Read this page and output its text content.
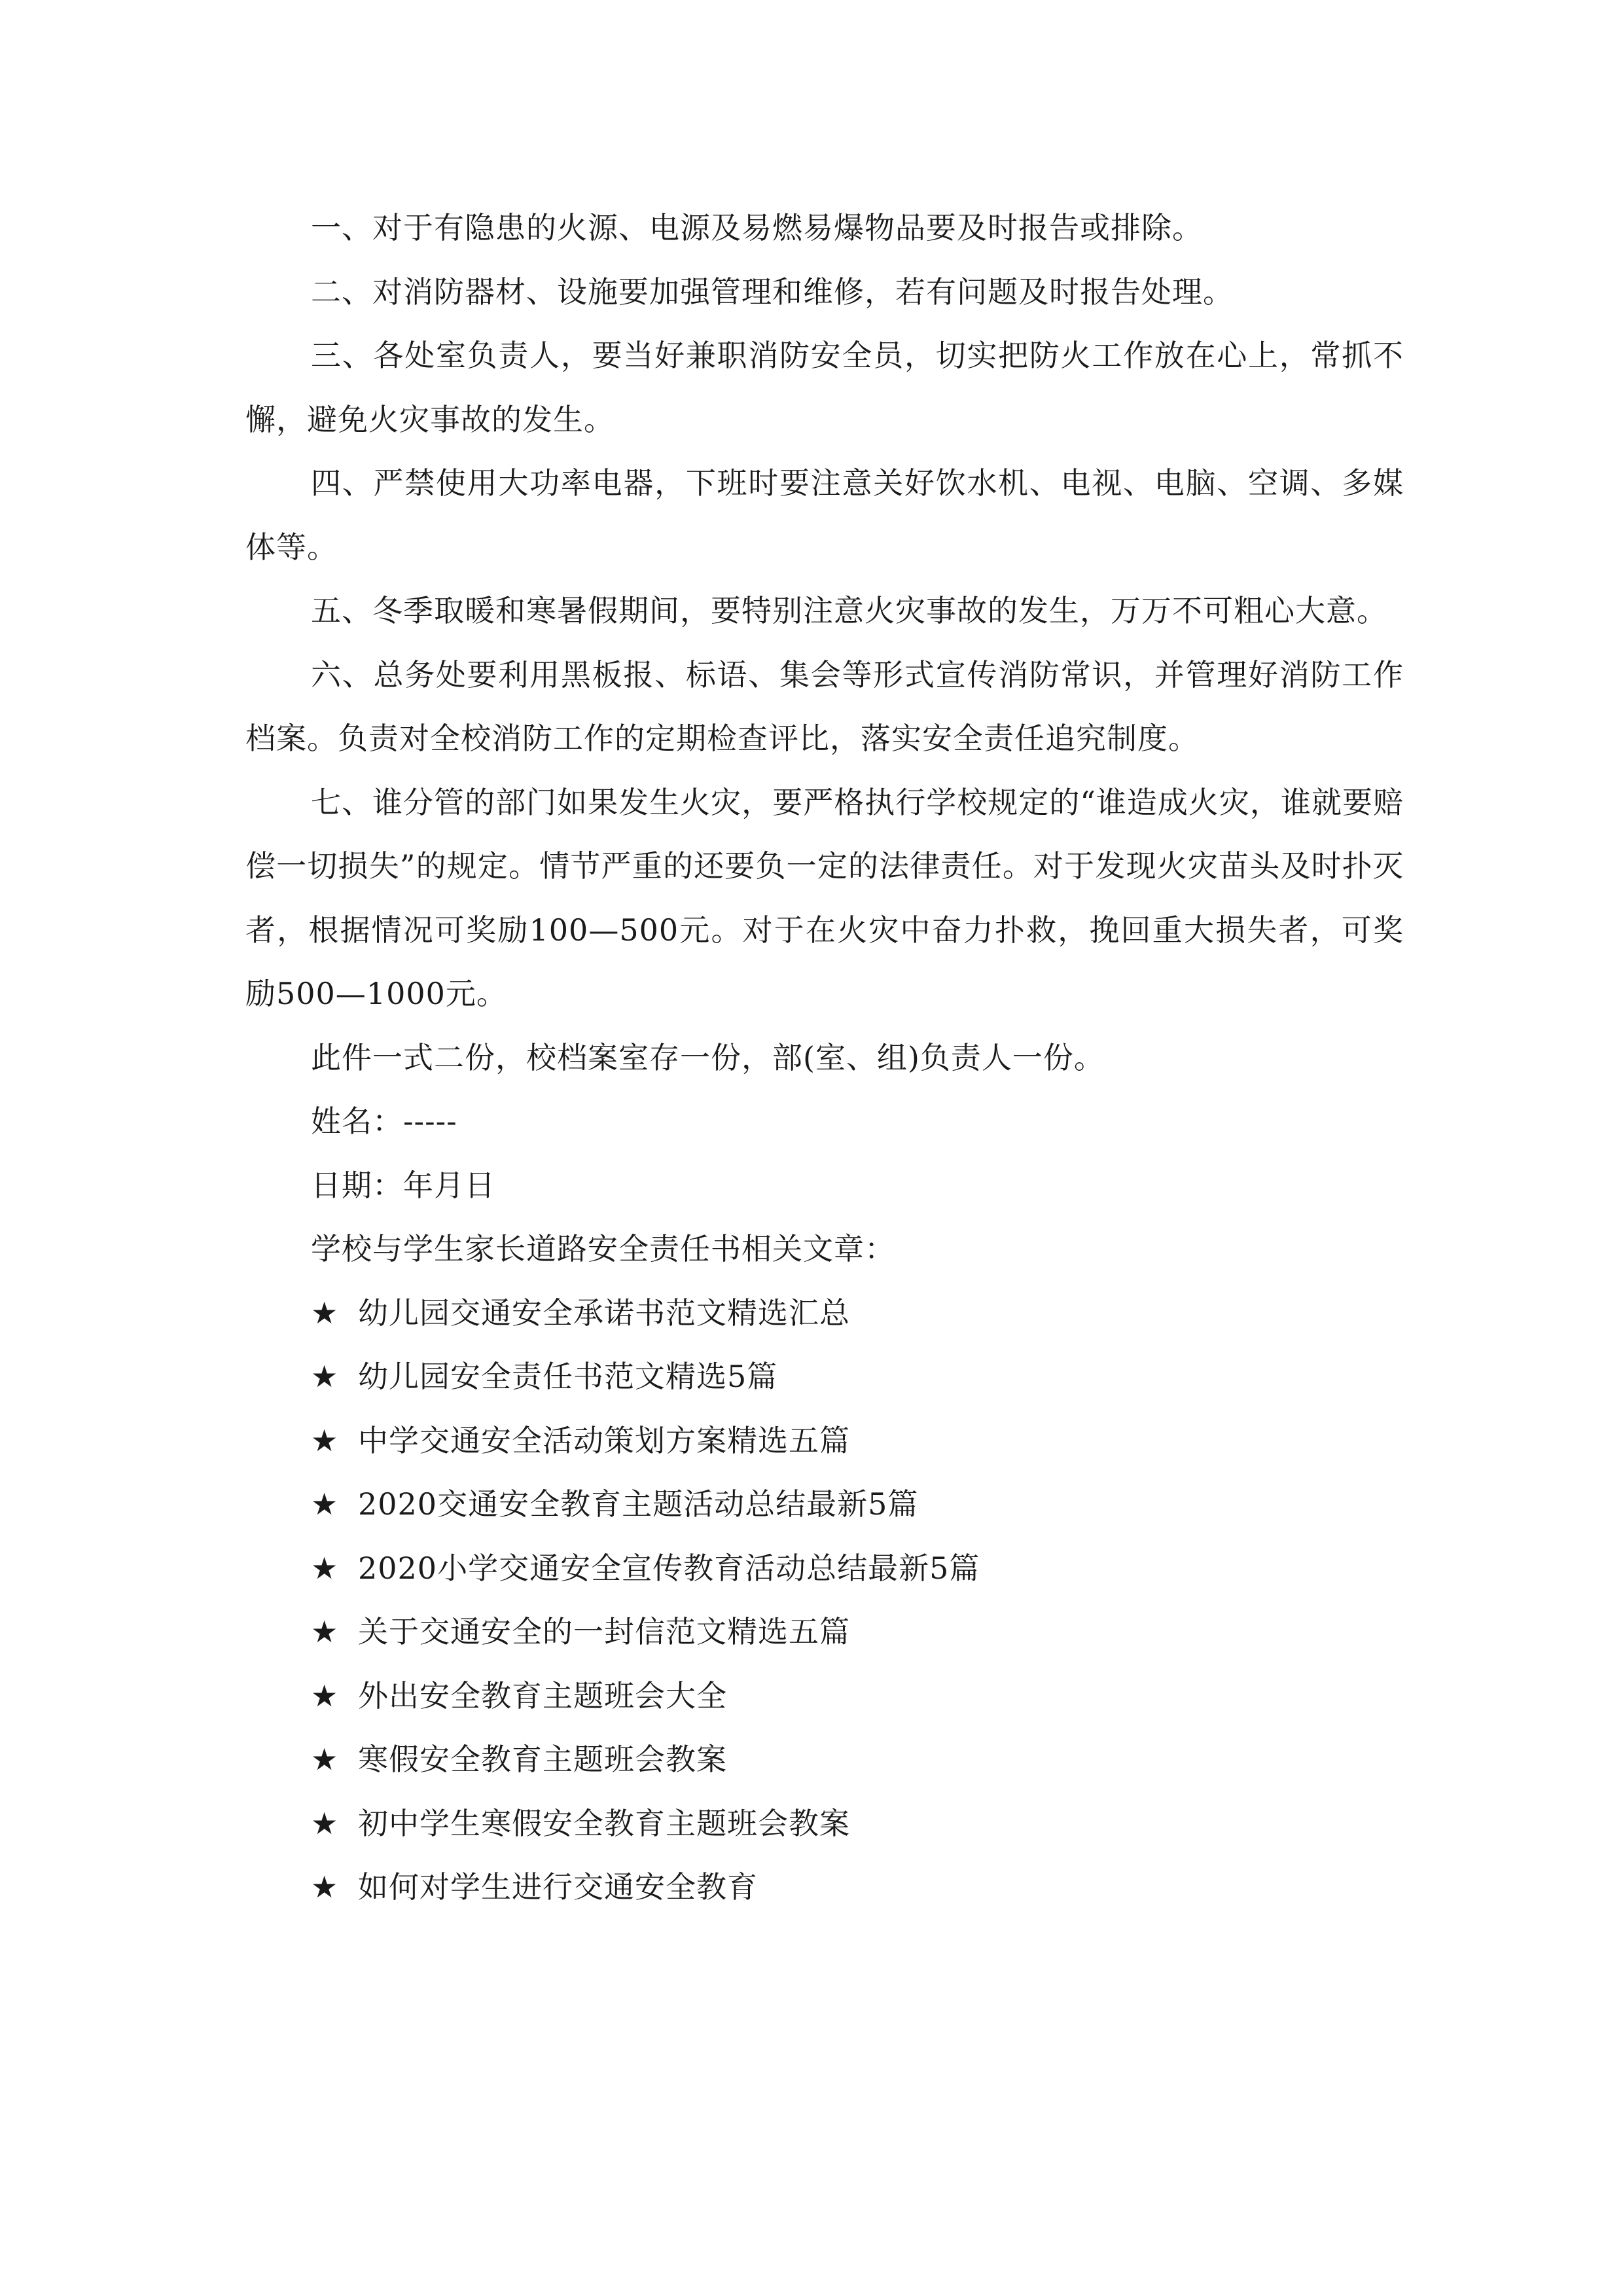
一、对于有隐患的火源、电源及易燃易爆物品要及时报告或排除。

二、对消防器材、设施要加强管理和维修，若有问题及时报告处理。

三、各处室负责人，要当好兼职消防安全员，切实把防火工作放在心上，常抓不懈，避免火灾事故的发生。

四、严禁使用大功率电器，下班时要注意关好饮水机、电视、电脑、空调、多媒体等。

五、冬季取暖和寒暑假期间，要特别注意火灾事故的发生，万万不可粗心大意。

六、总务处要利用黑板报、标语、集会等形式宣传消防常识，并管理好消防工作档案。负责对全校消防工作的定期检查评比，落实安全责任追究制度。

七、谁分管的部门如果发生火灾，要严格执行学校规定的“谁造成火灾，谁就要赔偿一切损失”的规定。情节严重的还要负一定的法律责任。对于发现火灾苗头及时扑灭者，根据情况可奖励100—500元。对于在火灾中奋力扑救，挽回重大损失者，可奖励500—1000元。

此件一式二份，校档案室存一份，部(室、组)负责人一份。

姓名：-----

日期：年月日

学校与学生家长道路安全责任书相关文章：

★ 幼儿园交通安全承诺书范文精选汇总
★ 幼儿园安全责任书范文精选5篇
★ 中学交通安全活动策划方案精选五篇
★ 2020交通安全教育主题活动总结最新5篇
★ 2020小学交通安全宣传教育活动总结最新5篇
★ 关于交通安全的一封信范文精选五篇
★ 外出安全教育主题班会大全
★ 寒假安全教育主题班会教案
★ 初中学生寒假安全教育主题班会教案
★ 如何对学生进行交通安全教育
